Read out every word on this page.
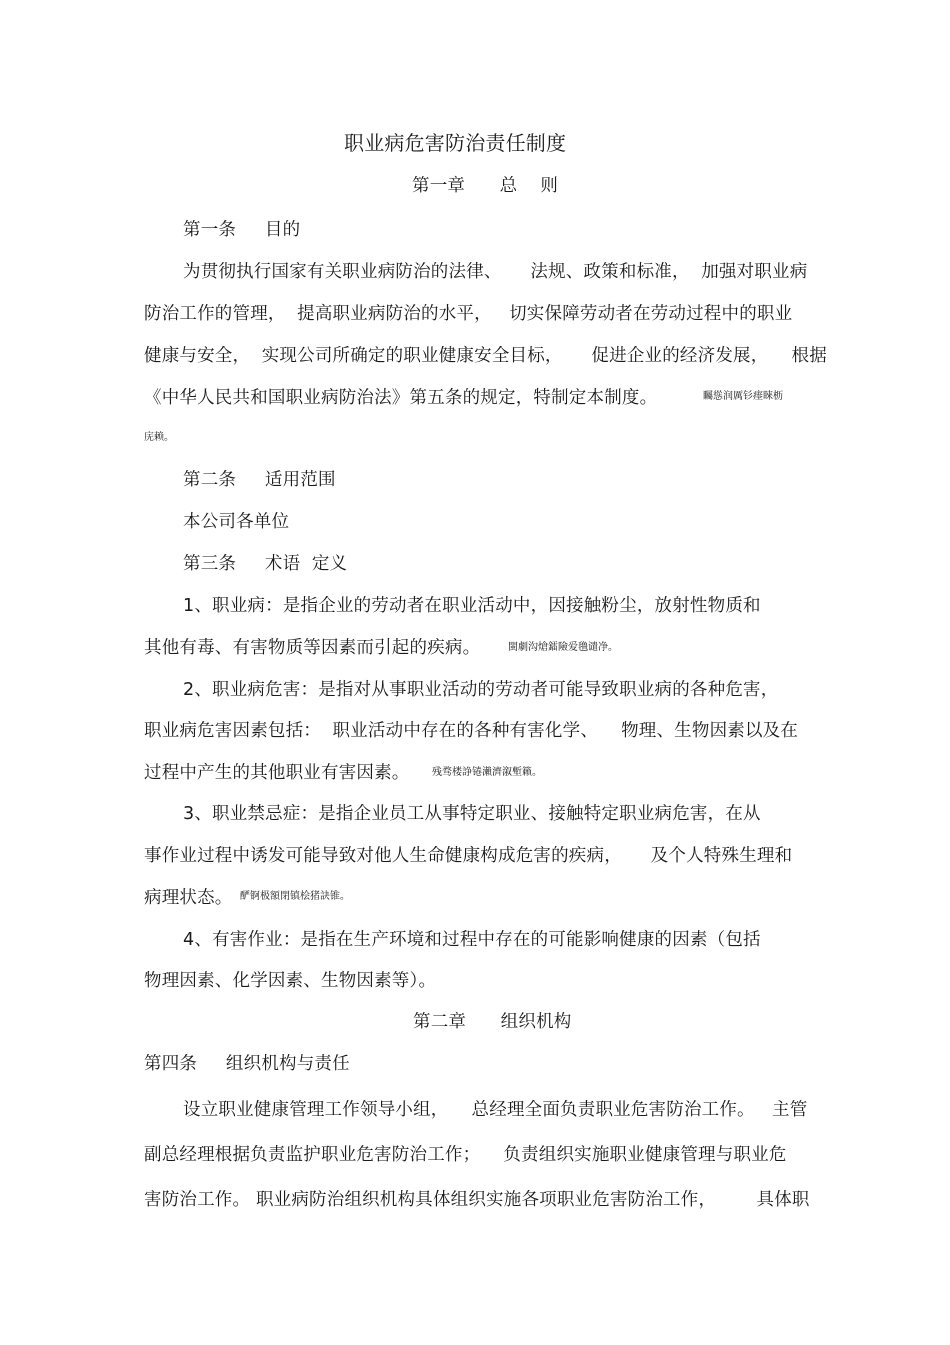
职业病危害防治责任制度
第一章      总    则
第一条     目的
为贯彻执行国家有关职业病防治的法律、     法规、政策和标准，  加强对职业病
防治工作的管理，  提高职业病防治的水平，   切实保障劳动者在劳动过程中的职业
健康与安全，  实现公司所确定的职业健康安全目标，     促进企业的经济发展，    根据
《中华人民共和国职业病防治法》第五条的规定，特制定本制度。	矚慫润厲钐瘗睞枥
庑赖。
第二条     适用范围
本公司各单位
第三条     术语  定义
1、职业病：是指企业的劳动者在职业活动中，因接触粉尘，放射性物质和
其他有毒、有害物质等因素而引起的疾病。	閩劇沟熗鐳險爱氇谴净。
2、职业病危害：是指对从事职业活动的劳动者可能导致职业病的各种危害，
职业病危害因素包括：  职业活动中存在的各种有害化学、    物理、生物因素以及在
过程中产生的其他职业有害因素。 残骛楼諍锩瀨濟溆塹籟。
3、职业禁忌症：是指企业员工从事特定职业、接触特定职业病危害，在从
事作业过程中诱发可能导致对他人生命健康构成危害的疾病，     及个人特殊生理和
病理状态。 酽锕极額閉镇桧猪訣锥。
4、有害作业：是指在生产环境和过程中存在的可能影响健康的因素（包括
物理因素、化学因素、生物因素等）。
第二章      组织机构
第四条     组织机构与责任
设立职业健康管理工作领导小组，    总经理全面负责职业危害防治工作。   主管
副总经理根据负责监护职业危害防治工作；    负责组织实施职业健康管理与职业危
害防治工作。 职业病防治组织机构具体组织实施各项职业危害防治工作，       具体职
